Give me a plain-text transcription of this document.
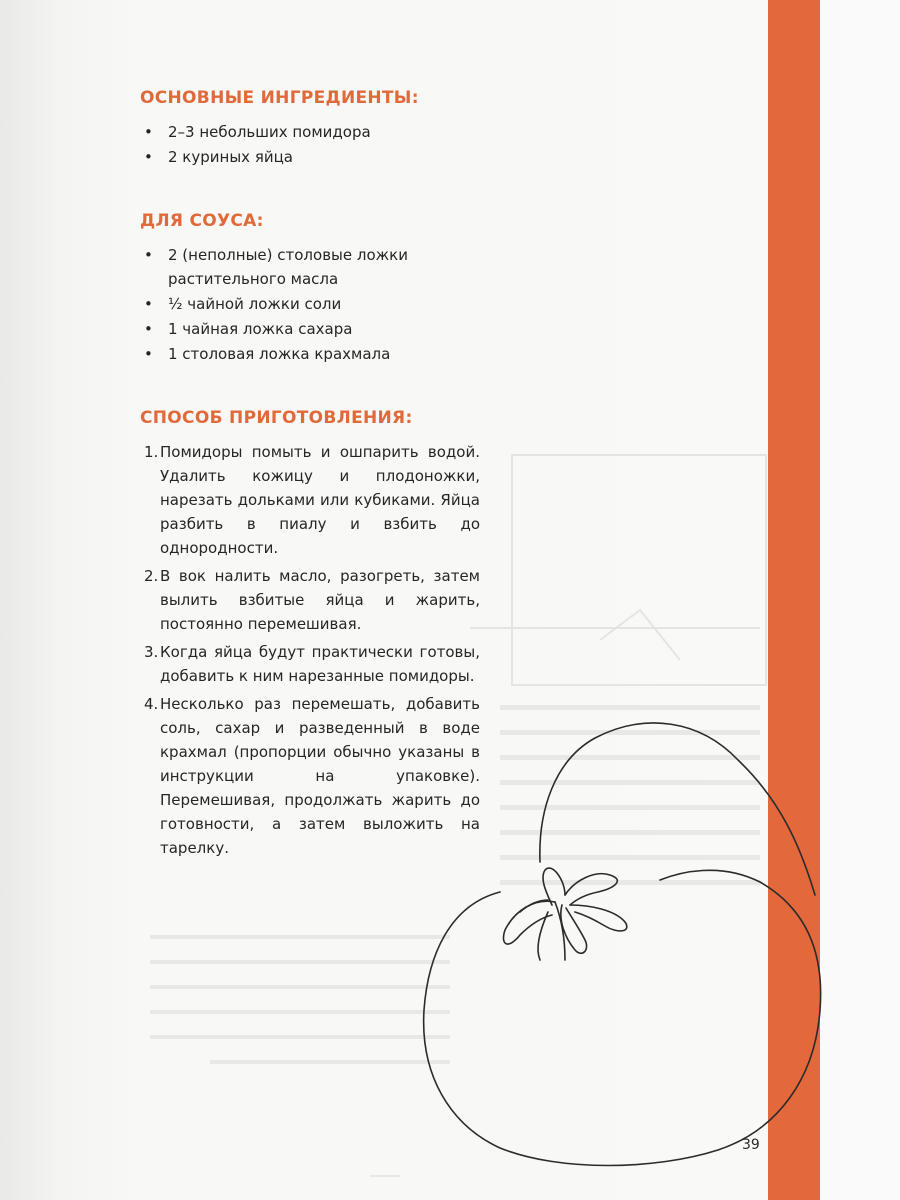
ОСНОВНЫЕ ИНГРЕДИЕНТЫ:
• 2–3 небольших помидора
• 2 куриных яйца
ДЛЯ СОУСА:
• 2 (неполные) столовые ложки растительного масла
• ½ чайной ложки соли
• 1 чайная ложка сахара
• 1 столовая ложка крахмала
СПОСОБ ПРИГОТОВЛЕНИЯ:
1. Помидоры помыть и ошпарить водой. Удалить кожицу и плодоножки, нарезать дольками или кубиками. Яйца разбить в пиалу и взбить до однородности.
2. В вок налить масло, разогреть, затем вылить взбитые яйца и жарить, постоянно перемешивая.
3. Когда яйца будут практически готовы, добавить к ним нарезанные помидоры.
4. Несколько раз перемешать, добавить соль, сахар и разведенный в воде крахмал (пропорции обычно указаны в инструкции на упаковке). Перемешивая, продолжать жарить до готовности, а затем выложить на тарелку.
39
